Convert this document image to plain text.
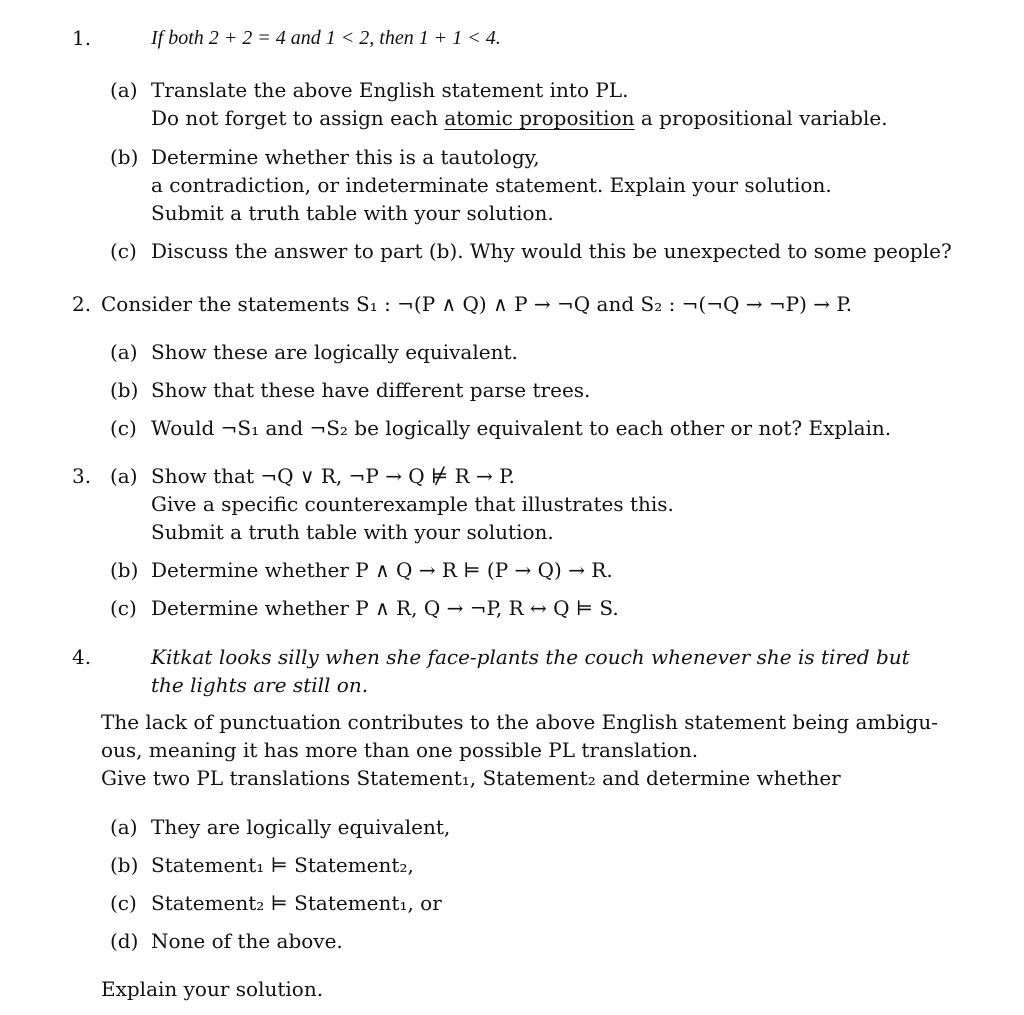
1.	If both 2 + 2 = 4 and 1 < 2, then 1 + 1 < 4.
(a) Translate the above English statement into PL.
Do not forget to assign each atomic proposition a propositional variable.
(b) Determine whether this is a tautology,
a contradiction, or indeterminate statement. Explain your solution.
Submit a truth table with your solution.
(c) Discuss the answer to part (b). Why would this be unexpected to some people?
2. Consider the statements S₁ : ¬(P ∧ Q) ∧ P → ¬Q and S₂ : ¬(¬Q → ¬P) → P.
(a) Show these are logically equivalent.
(b) Show that these have different parse trees.
(c) Would ¬S₁ and ¬S₂ be logically equivalent to each other or not? Explain.
3. (a) Show that ¬Q ∨ R, ¬P → Q ⊭ R → P.
Give a specific counterexample that illustrates this.
Submit a truth table with your solution.
(b) Determine whether P ∧ Q → R ⊨ (P → Q) → R.
(c) Determine whether P ∧ R, Q → ¬P, R ↔ Q ⊨ S.
4.	Kitkat looks silly when she face-plants the couch whenever she is tired but
the lights are still on.
The lack of punctuation contributes to the above English statement being ambigu-
ous, meaning it has more than one possible PL translation.
Give two PL translations Statement₁, Statement₂ and determine whether
(a) They are logically equivalent,
(b) Statement₁ ⊨ Statement₂,
(c) Statement₂ ⊨ Statement₁, or
(d) None of the above.
Explain your solution.
